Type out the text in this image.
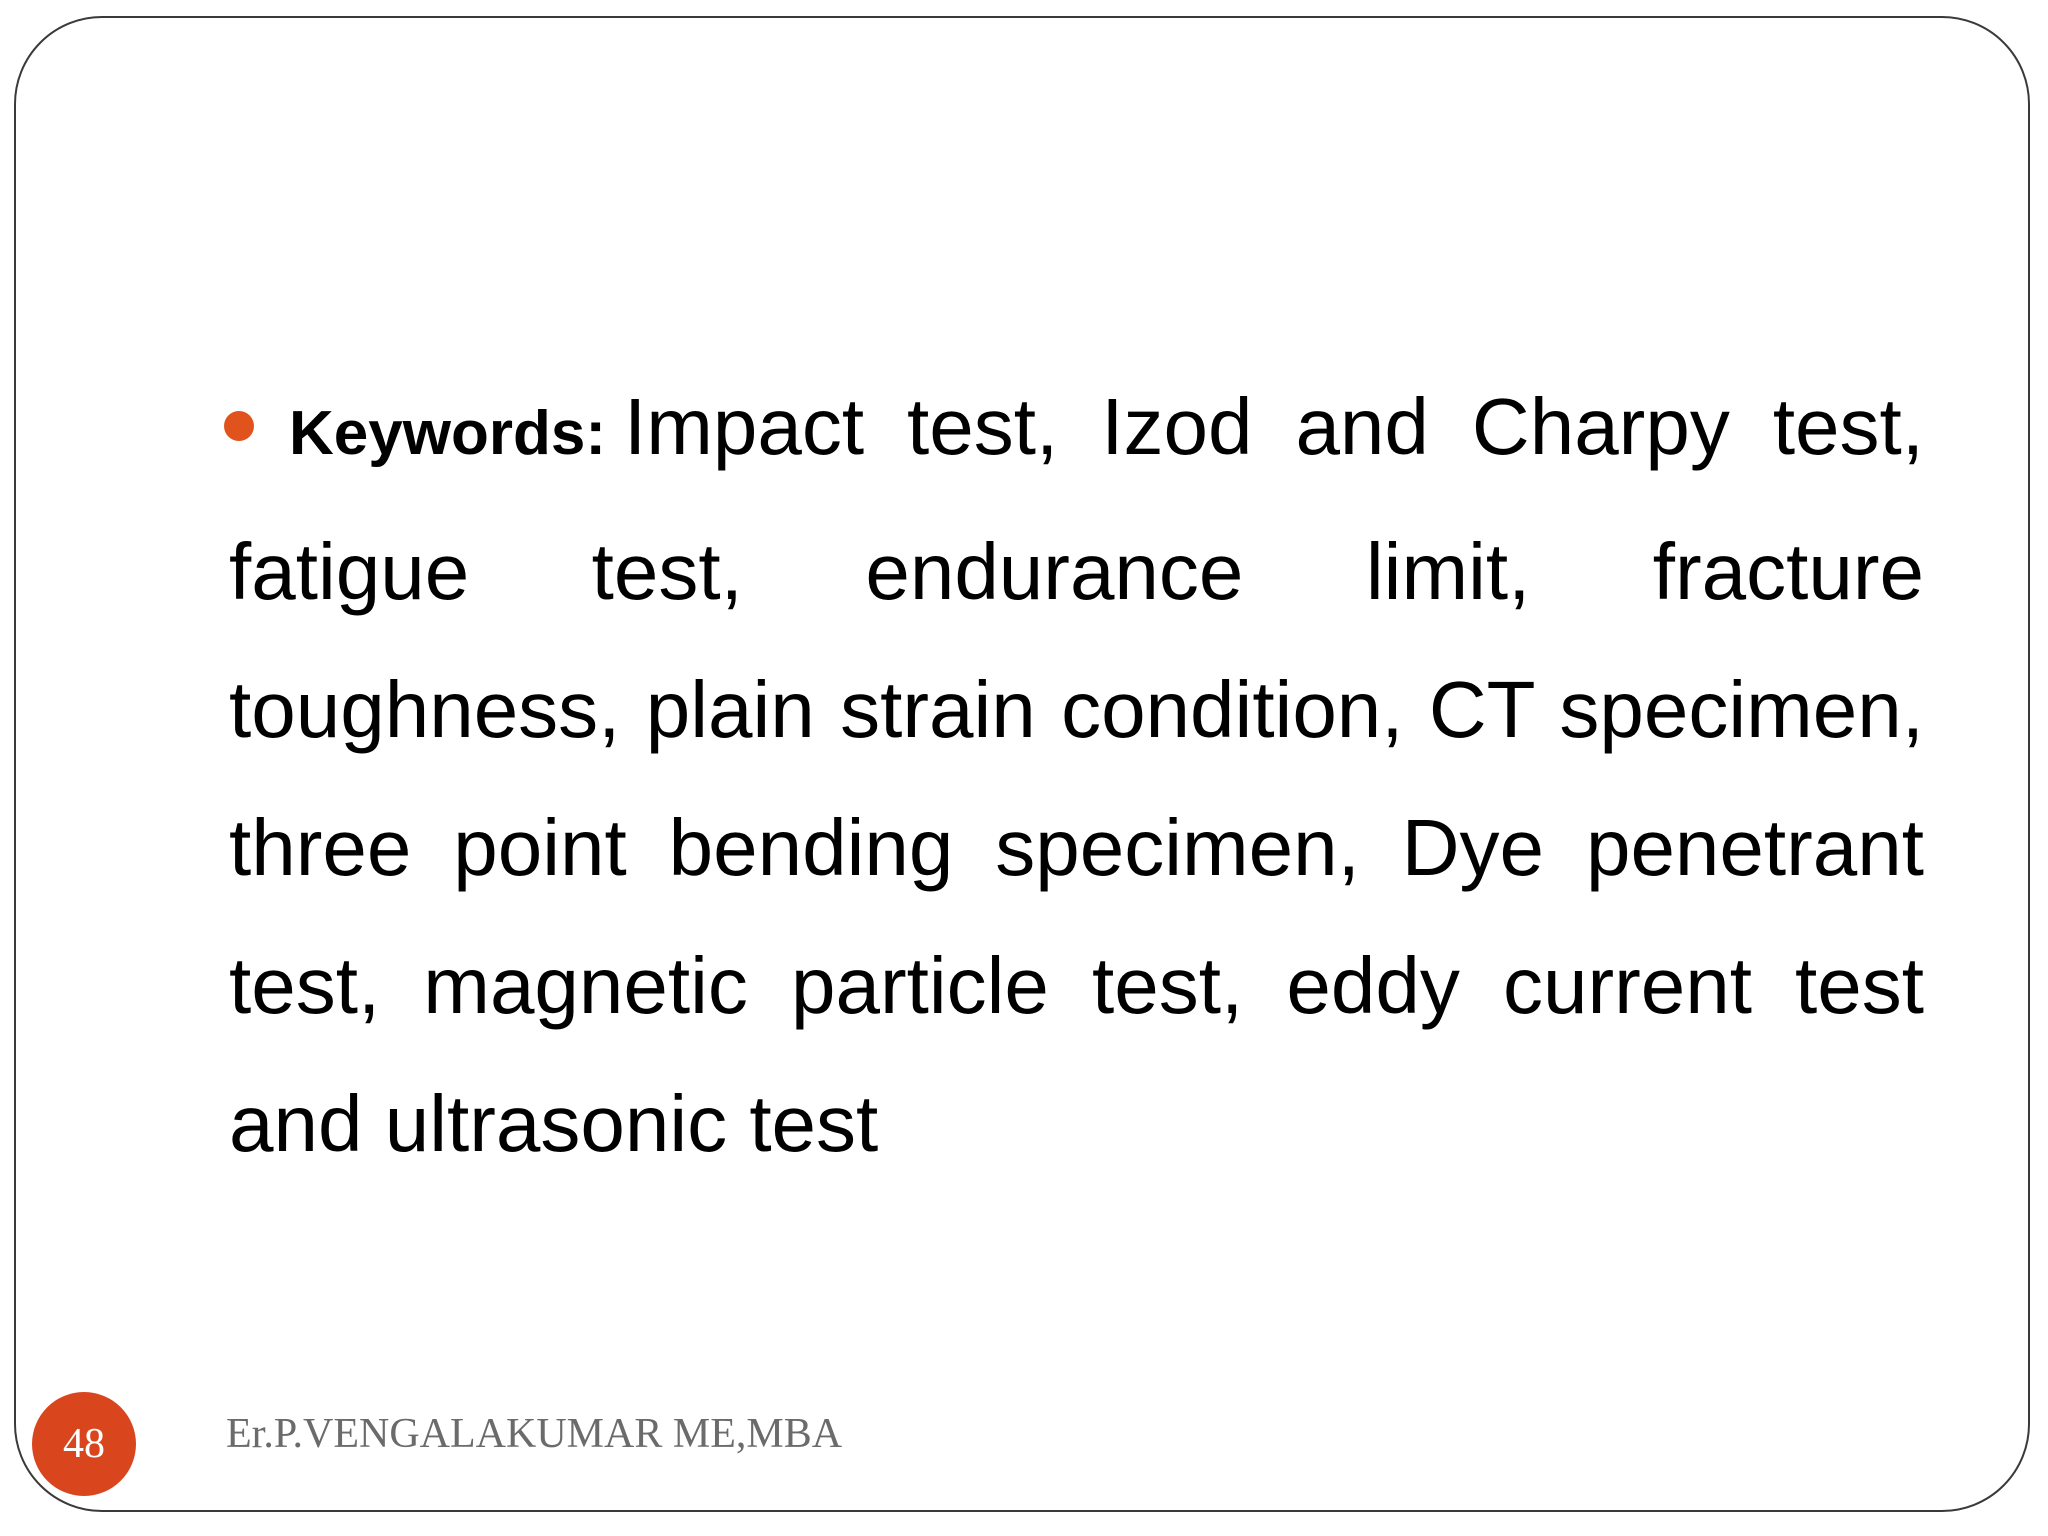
Keywords: Impact test, Izod and Charpy test, fatigue test, endurance limit, fracture toughness, plain strain condition, CT specimen, three point bending specimen, Dye penetrant test, magnetic particle test, eddy current test and ultrasonic test
48	Er.P.VENGALAKUMAR ME,MBA
